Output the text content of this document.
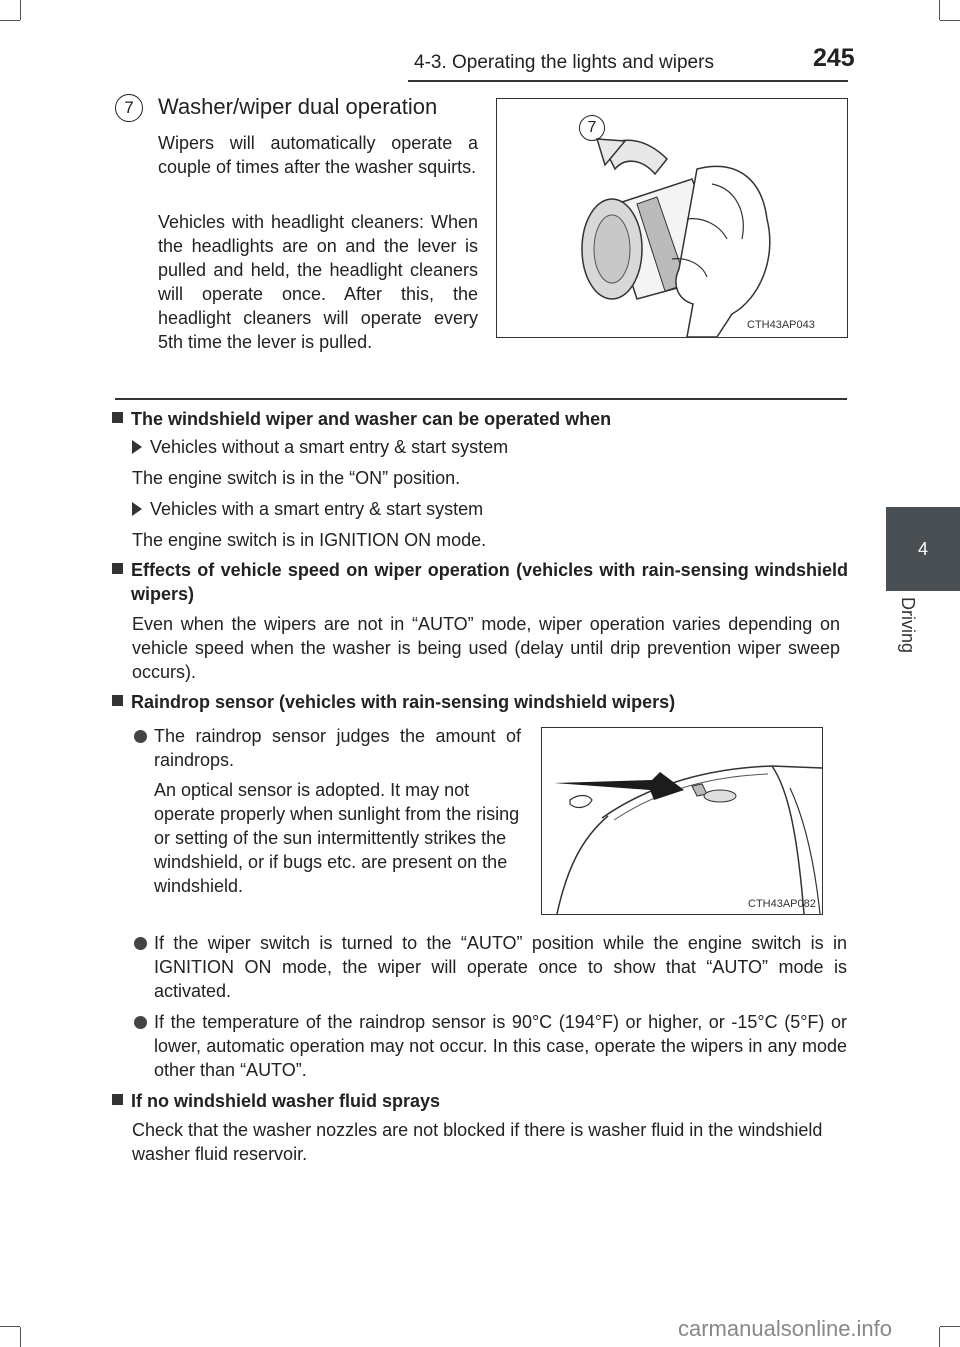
4-3. Operating the lights and wipers	245
4
Driving
7	Washer/wiper dual operation
Wipers will automatically operate a couple of times after the washer squirts.
Vehicles with headlight cleaners: When the headlights are on and the lever is pulled and held, the headlight cleaners will operate once. After this, the headlight cleaners will operate every 5th time the lever is pulled.
7
CTH43AP043
The windshield wiper and washer can be operated when
Vehicles without a smart entry & start system
The engine switch is in the “ON” position.
Vehicles with a smart entry & start system
The engine switch is in IGNITION ON mode.
Effects of vehicle speed on wiper operation (vehicles with rain-sensing windshield wipers)
Even when the wipers are not in “AUTO” mode, wiper operation varies depending on vehicle speed when the washer is being used (delay until drip prevention wiper sweep occurs).
Raindrop sensor (vehicles with rain-sensing windshield wipers)
The raindrop sensor judges the amount of raindrops.
An optical sensor is adopted. It may not operate properly when sunlight from the rising or setting of the sun intermittently strikes the windshield, or if bugs etc. are present on the windshield.
CTH43AP082
If the wiper switch is turned to the “AUTO” position while the engine switch is in IGNITION ON mode, the wiper will operate once to show that “AUTO” mode is activated.
If the temperature of the raindrop sensor is 90°C (194°F) or higher, or -15°C (5°F) or lower, automatic operation may not occur. In this case, operate the wipers in any mode other than “AUTO”.
If no windshield washer fluid sprays
Check that the washer nozzles are not blocked if there is washer fluid in the windshield washer fluid reservoir.
carmanualsonline.info
